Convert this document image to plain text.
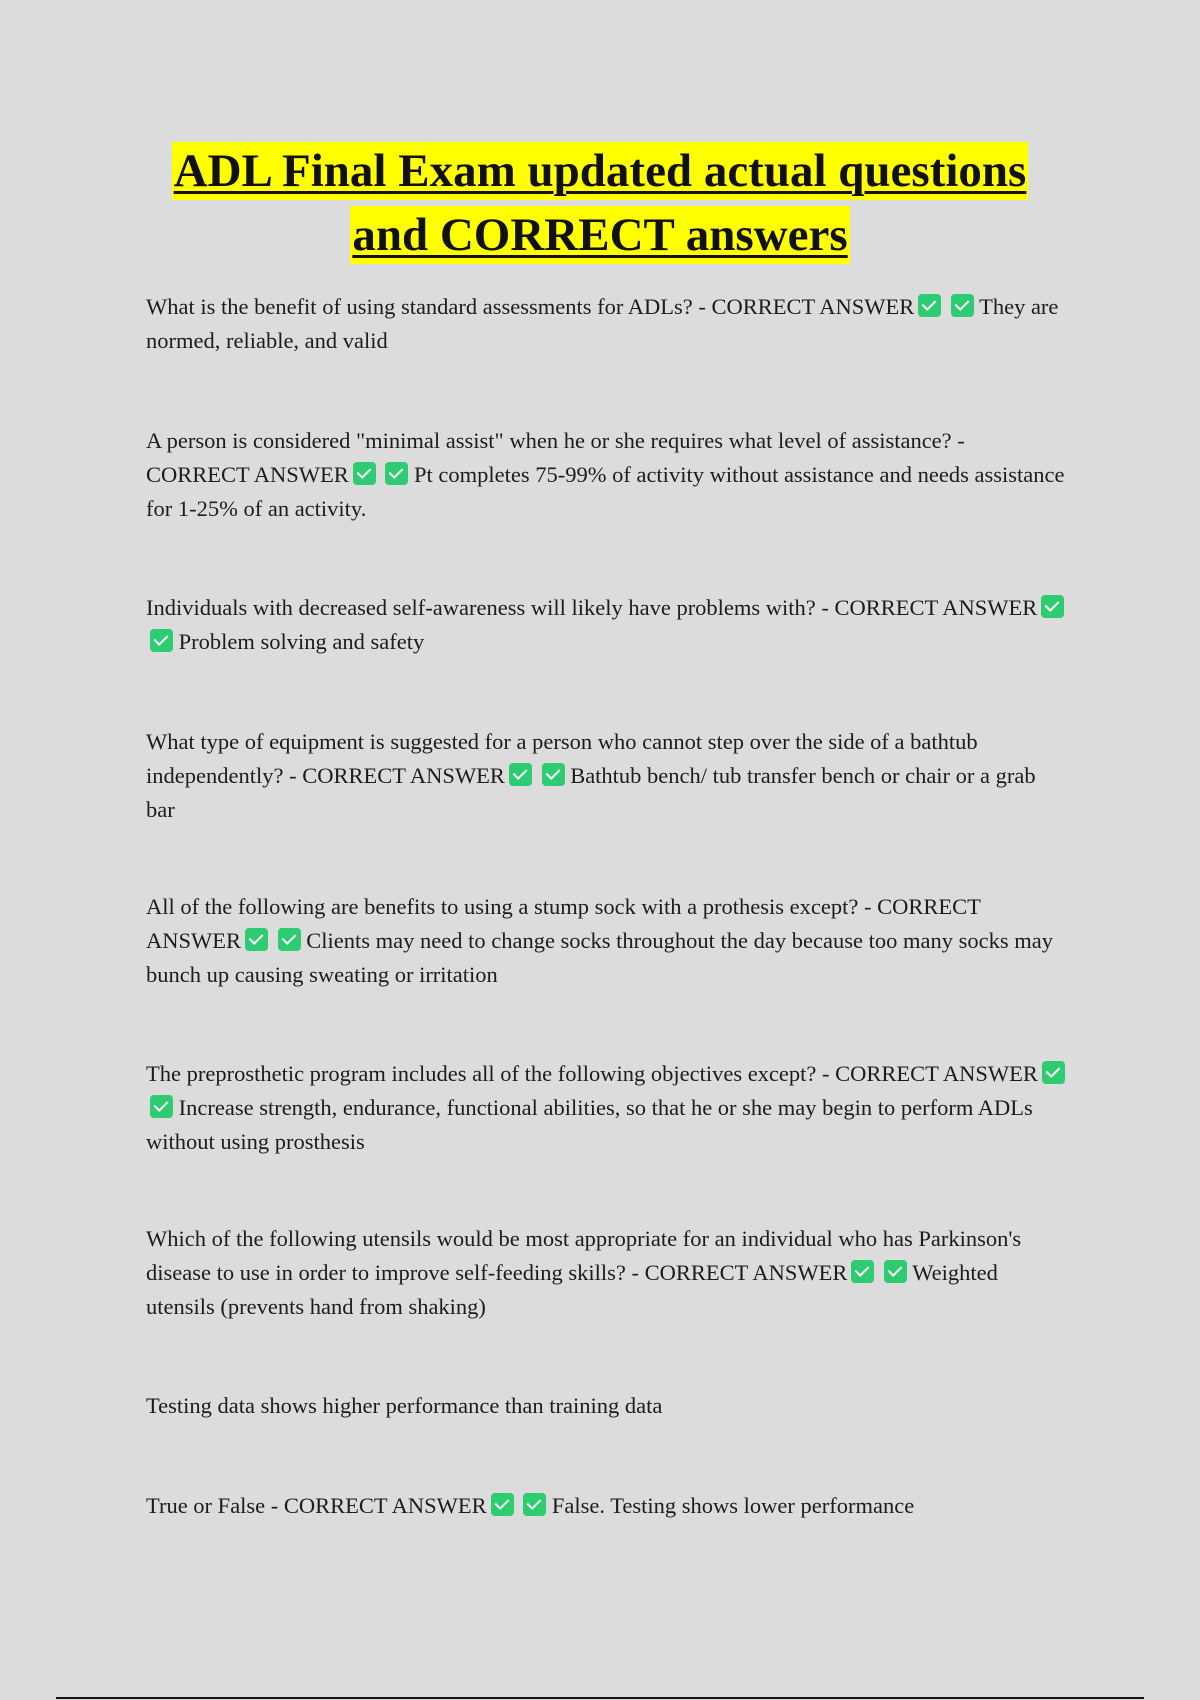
ADL Final Exam updated actual questions
and CORRECT answers
What is the benefit of using standard assessments for ADLs? - CORRECT ANSWER	They are normed, reliable, and valid
A person is considered "minimal assist" when he or she requires what level of assistance? - CORRECT ANSWER	Pt completes 75-99% of activity without assistance and needs assistance for 1-25% of an activity.
Individuals with decreased self-awareness will likely have problems with? - CORRECT ANSWER  Problem solving and safety
What type of equipment is suggested for a person who cannot step over the side of a bathtub independently? - CORRECT ANSWER	Bathtub bench/ tub transfer bench or chair or a grab bar
All of the following are benefits to using a stump sock with a prothesis except? - CORRECT ANSWER	Clients may need to change socks throughout the day because too many socks may bunch up causing sweating or irritation
The preprosthetic program includes all of the following objectives except? - CORRECT ANSWER  Increase strength, endurance, functional abilities, so that he or she may begin to perform ADLs without using prosthesis
Which of the following utensils would be most appropriate for an individual who has Parkinson's disease to use in order to improve self-feeding skills? - CORRECT ANSWER	Weighted utensils (prevents hand from shaking)
Testing data shows higher performance than training data
True or False - CORRECT ANSWER	False. Testing shows lower performance
